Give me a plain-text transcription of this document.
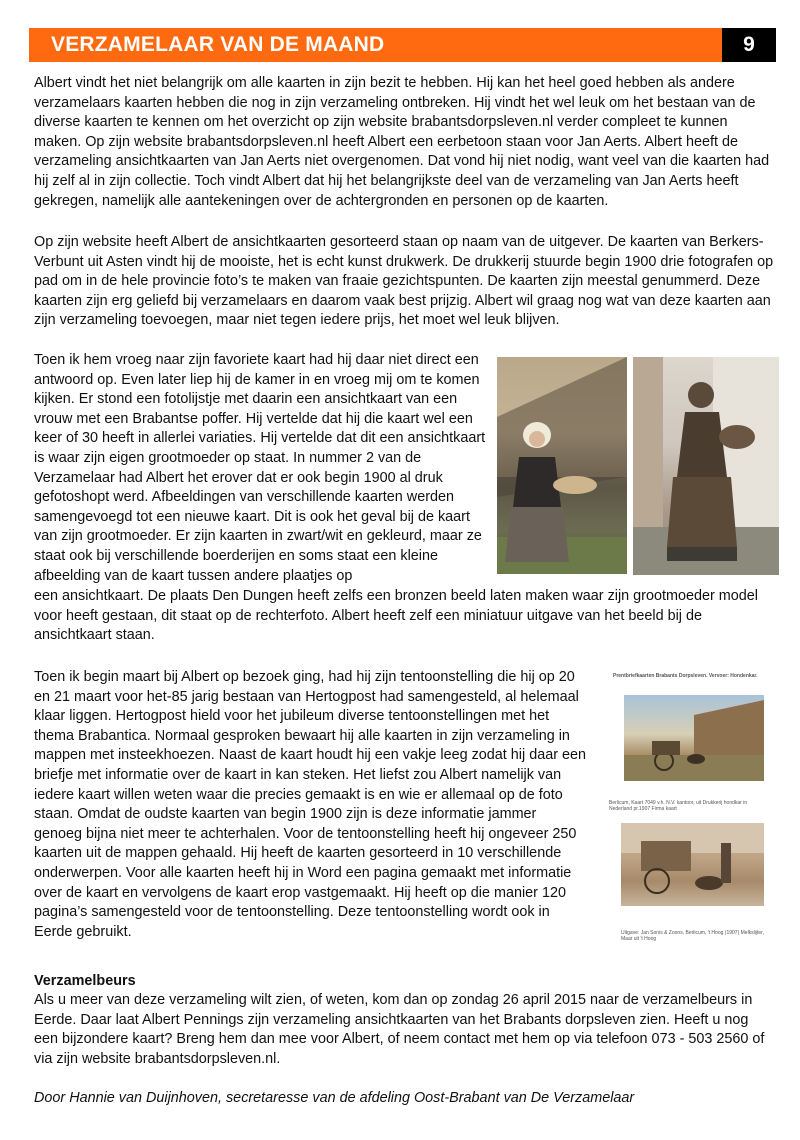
VERZAMELAAR VAN DE MAAND	9

Albert vindt het niet belangrijk om alle kaarten in zijn bezit te hebben. Hij kan het heel goed hebben als andere verzamelaars kaarten hebben die nog in zijn verzameling ontbreken. Hij vindt het wel leuk om het bestaan van de diverse kaarten te kennen om het overzicht op zijn website brabantsdorpsleven.nl verder compleet te kunnen maken. Op zijn website brabantsdorpsleven.nl heeft Albert een eerbetoon staan voor Jan Aerts. Albert heeft de verzameling ansichtkaarten van Jan Aerts niet overgenomen. Dat vond hij niet nodig, want veel van die kaarten had hij zelf al in zijn collectie. Toch vindt Albert dat hij het belangrijkste deel van de verzameling van Jan Aerts heeft gekregen, namelijk alle aantekeningen over de achtergronden en personen op de kaarten.

Op zijn website heeft Albert de ansichtkaarten gesorteerd staan op naam van de uitgever. De kaarten van Berkers-Verbunt uit Asten vindt hij de mooiste, het is echt kunst drukwerk. De drukkerij stuurde begin 1900 drie fotografen op pad om in de hele provincie foto’s te maken van fraaie gezichtspunten. De kaarten zijn meestal genummerd. Deze kaarten zijn erg geliefd bij verzamelaars en daarom vaak best prijzig. Albert wil graag nog wat van deze kaarten aan zijn verzameling toevoegen, maar niet tegen iedere prijs, het moet wel leuk blijven.

Toen ik hem vroeg naar zijn favoriete kaart had hij daar niet direct een antwoord op. Even later liep hij de kamer in en vroeg mij om te komen kijken. Er stond een fotolijstje met daarin een ansichtkaart van een vrouw met een Brabantse poffer. Hij vertelde dat hij die kaart wel een keer of 30 heeft in allerlei variaties. Hij vertelde dat dit een ansichtkaart is waar zijn eigen grootmoeder op staat. In nummer 2 van de Verzamelaar had Albert het erover dat er ook begin 1900 al druk gefotoshopt werd. Afbeeldingen van verschillende kaarten werden samengevoegd tot een nieuwe kaart. Dit is ook het geval bij de kaart van zijn grootmoeder. Er zijn kaarten in zwart/wit en gekleurd, maar ze staat ook bij verschillende boerderijen en soms staat een kleine afbeelding van de kaart tussen andere plaatjes op

een ansichtkaart. De plaats Den Dungen heeft zelfs een bronzen beeld laten maken waar zijn grootmoeder model voor heeft gestaan, dit staat op de rechterfoto. Albert heeft zelf een miniatuur uitgave van het beeld bij de ansichtkaart staan.

Toen ik begin maart bij Albert op bezoek ging, had hij zijn tentoonstelling die hij op 20 en 21 maart voor het-85 jarig bestaan van Hertogpost had samengesteld, al helemaal klaar liggen. Hertogpost hield voor het jubileum diverse tentoonstellingen met het thema Brabantica. Normaal gesproken bewaart hij alle kaarten in zijn verzameling in mappen met insteekhoezen. Naast de kaart houdt hij een vakje leeg zodat hij daar een briefje met informatie over de kaart in kan steken. Het liefst zou Albert namelijk van iedere kaart willen weten waar die precies gemaakt is en wie er allemaal op de foto staan. Omdat de oudste kaarten van begin 1900 zijn is deze informatie jammer genoeg bijna niet meer te achterhalen. Voor de tentoonstelling heeft hij ongeveer 250 kaarten uit de mappen gehaald. Hij heeft de kaarten gesorteerd in 10 verschillende onderwerpen. Voor alle kaarten heeft hij in Word een pagina gemaakt met informatie over de kaart en vervolgens de kaart erop vastgemaakt. Hij heeft op die manier 120 pagina’s samengesteld voor de tentoonstelling. Deze tentoonstelling wordt ook in Eerde gebruikt.

Prentbriefkaarten Brabants Dorpsleven. Vervoer: Hondenkar.
Berlicum, Kaart 7049 v.h. N.V. kantoor, uit Drukkerij hondkar in Nederland pr.1907 Firma kaart
Uitgave: Jan Sonis & Zoons, Berlicum, 't Hoog (1907) Melkslijter, Maar uit 't Hoog

Verzamelbeurs

Als u meer van deze verzameling wilt zien, of weten, kom dan op zondag 26 april 2015 naar de verzamelbeurs in Eerde. Daar laat Albert Pennings zijn verzameling ansichtkaarten van het Brabants dorpsleven zien. Heeft u nog een bijzondere kaart? Breng hem dan mee voor Albert, of neem contact met hem op via telefoon 073 - 503 2560 of via zijn website brabantsdorpsleven.nl.

Door Hannie van Duijnhoven, secretaresse van de afdeling Oost-Brabant van De Verzamelaar
